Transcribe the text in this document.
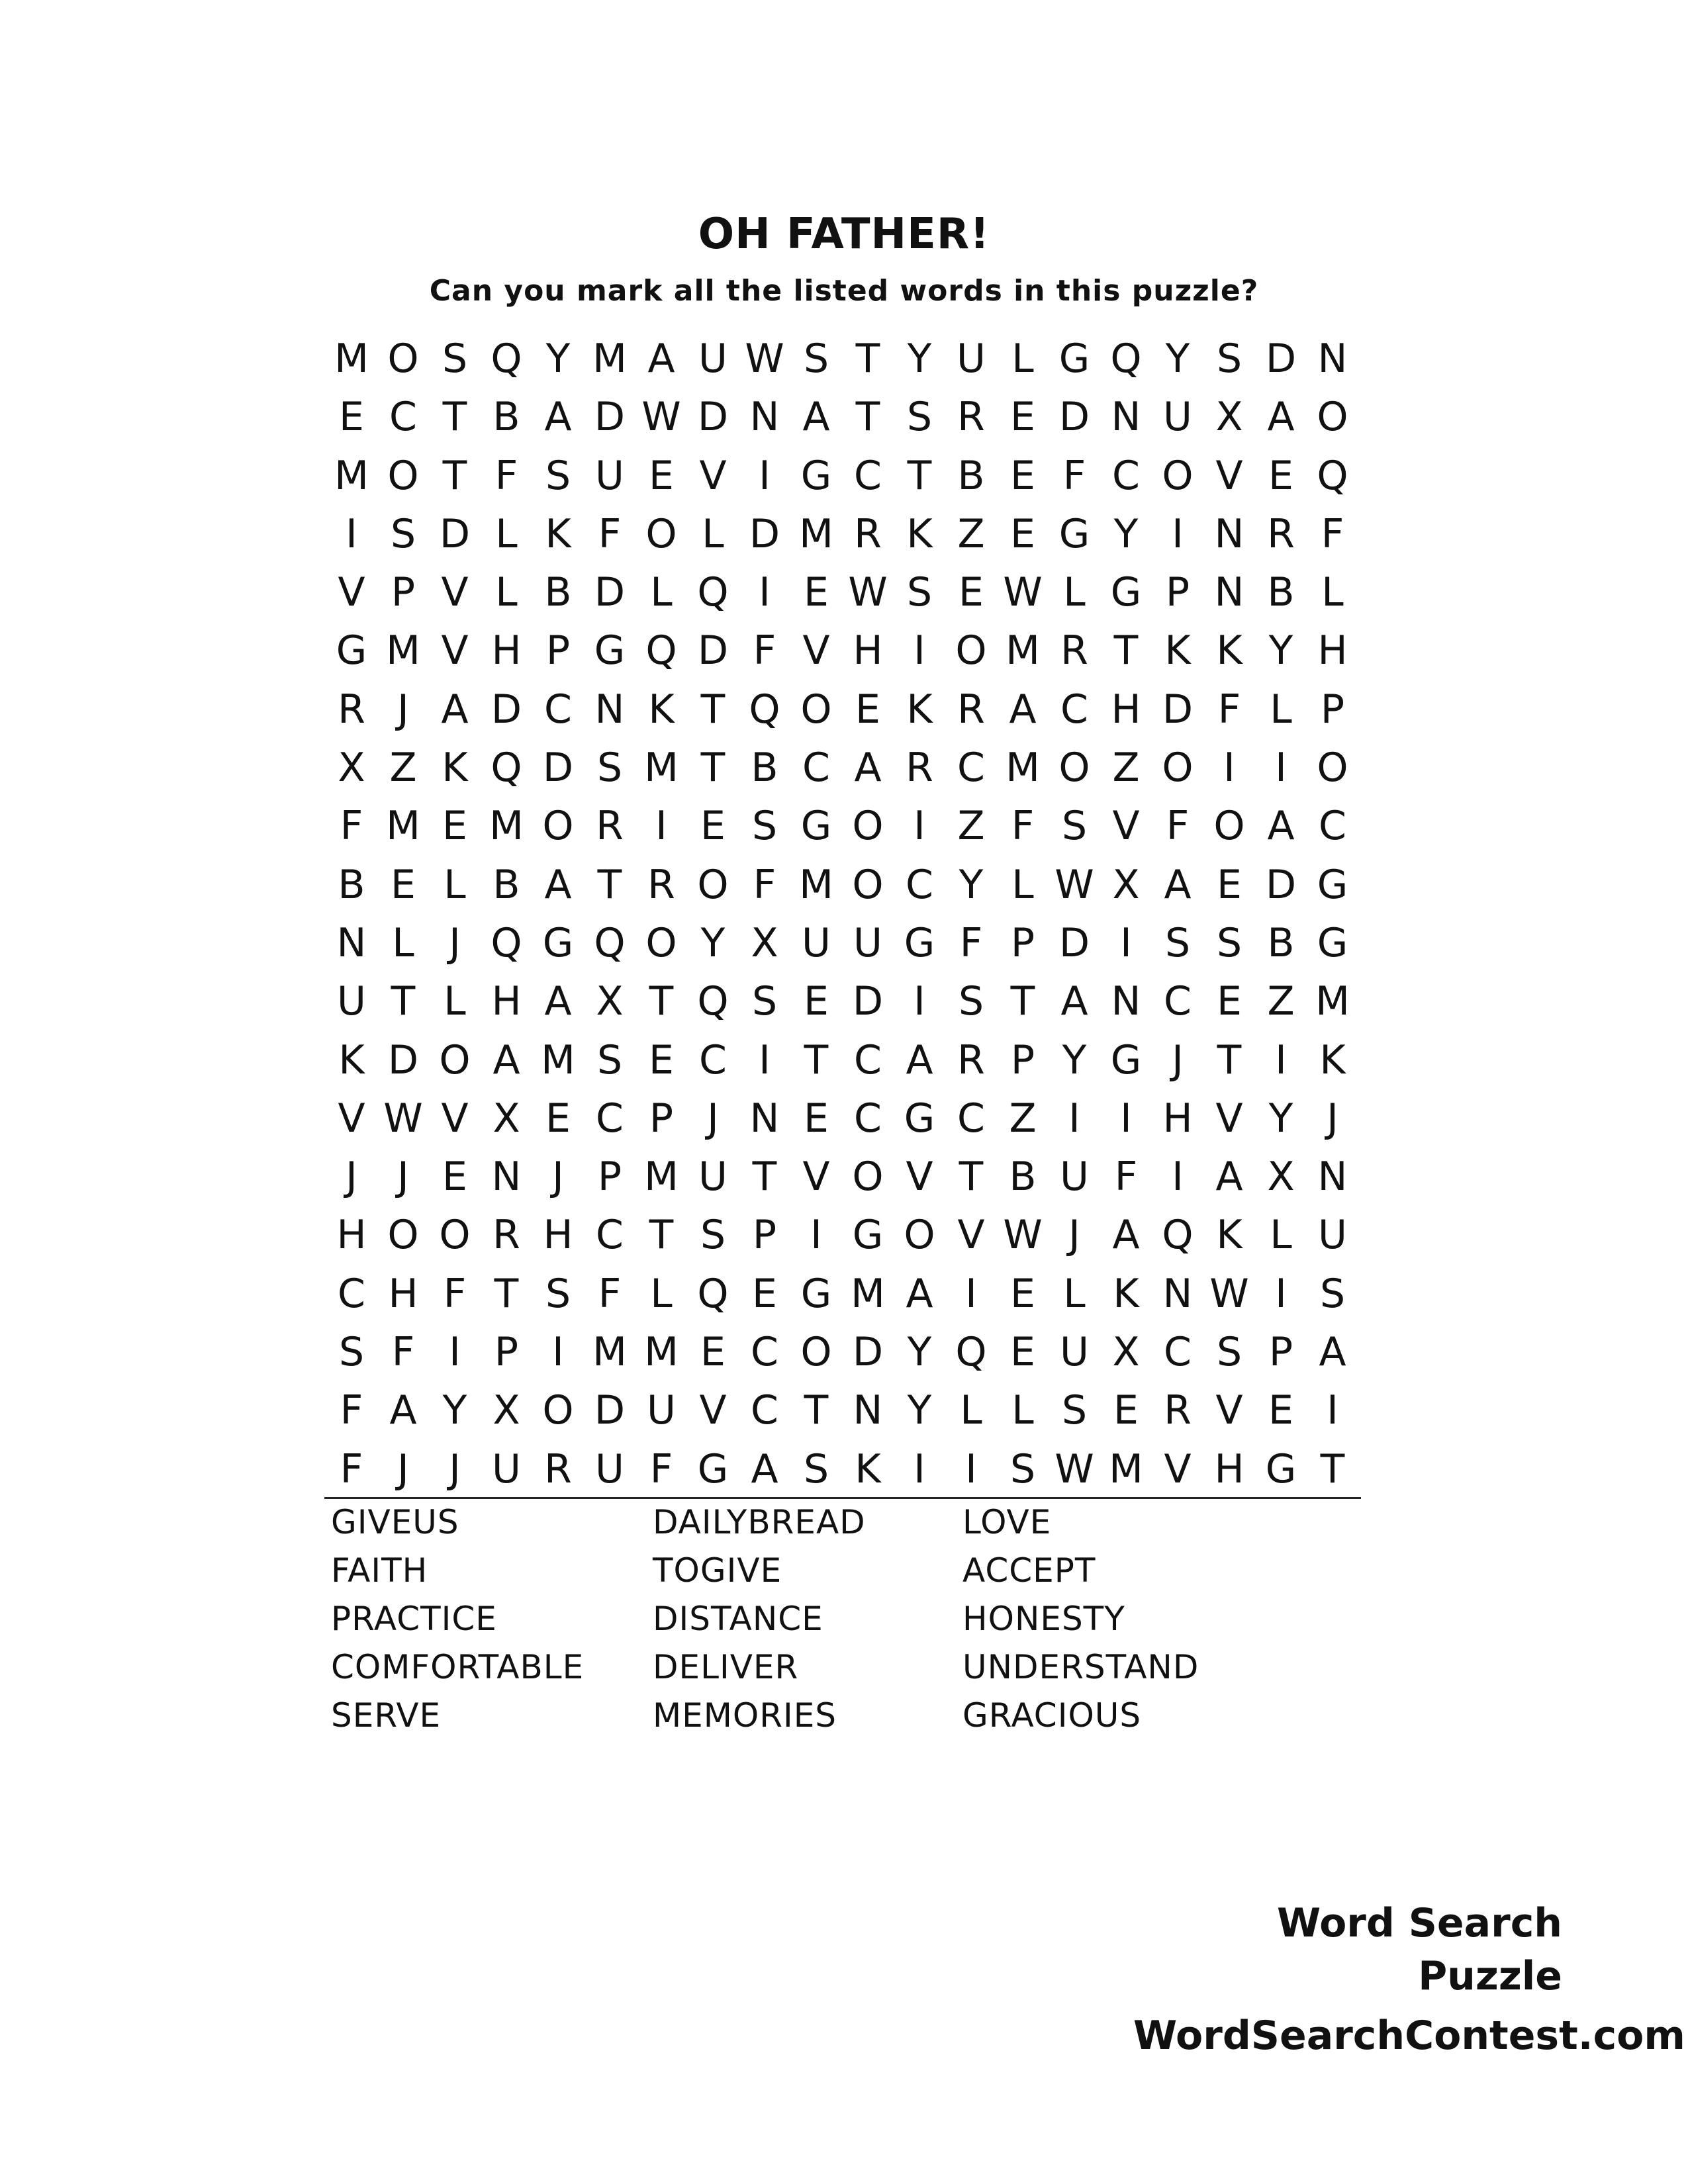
OH FATHER!
Can you mark all the listed words in this puzzle?
M O S Q Y M A U W S T Y U L G Q Y S D N
E C T B A D W D N A T S R E D N U X A O
M O T F S U E V I G C T B E F C O V E Q
I S D L K F O L D M R K Z E G Y I N R F
V P V L B D L Q I E W S E W L G P N B L
G M V H P G Q D F V H I O M R T K K Y H
R J A D C N K T Q O E K R A C H D F L P
X Z K Q D S M T B C A R C M O Z O I	I O
F M E M O R I E S G O I Z F S V F O A C
B E L B A T R O F M O C Y L W X A E D G
N L J Q G Q O Y X U U G F P D I S S B G
U T L H A X T Q S E D I S T A N C E Z M
K D O A M S E C I T C A R P Y G J T I K
V W V X E C P J N E C G C Z I	I H V Y J
J	J E N J P M U T V O V T B U F I A X N
H O O R H C T S P I G O V W J A Q K L U
C H F T S F L Q E G M A I E L K N W I S
S F I P I M M E C O D Y Q E U X C S P A
F A Y X O D U V C T N Y L L S E R V E I
F J	J U R U F G A S K I	I S W M V H G T
GIVEUS	DAILYBREAD	LOVE
FAITH	TOGIVE	ACCEPT
PRACTICE	DISTANCE	HONESTY
COMFORTABLE	DELIVER	UNDERSTAND
SERVE	MEMORIES	GRACIOUS
Word Search Puzzle
WordSearchContest.com
